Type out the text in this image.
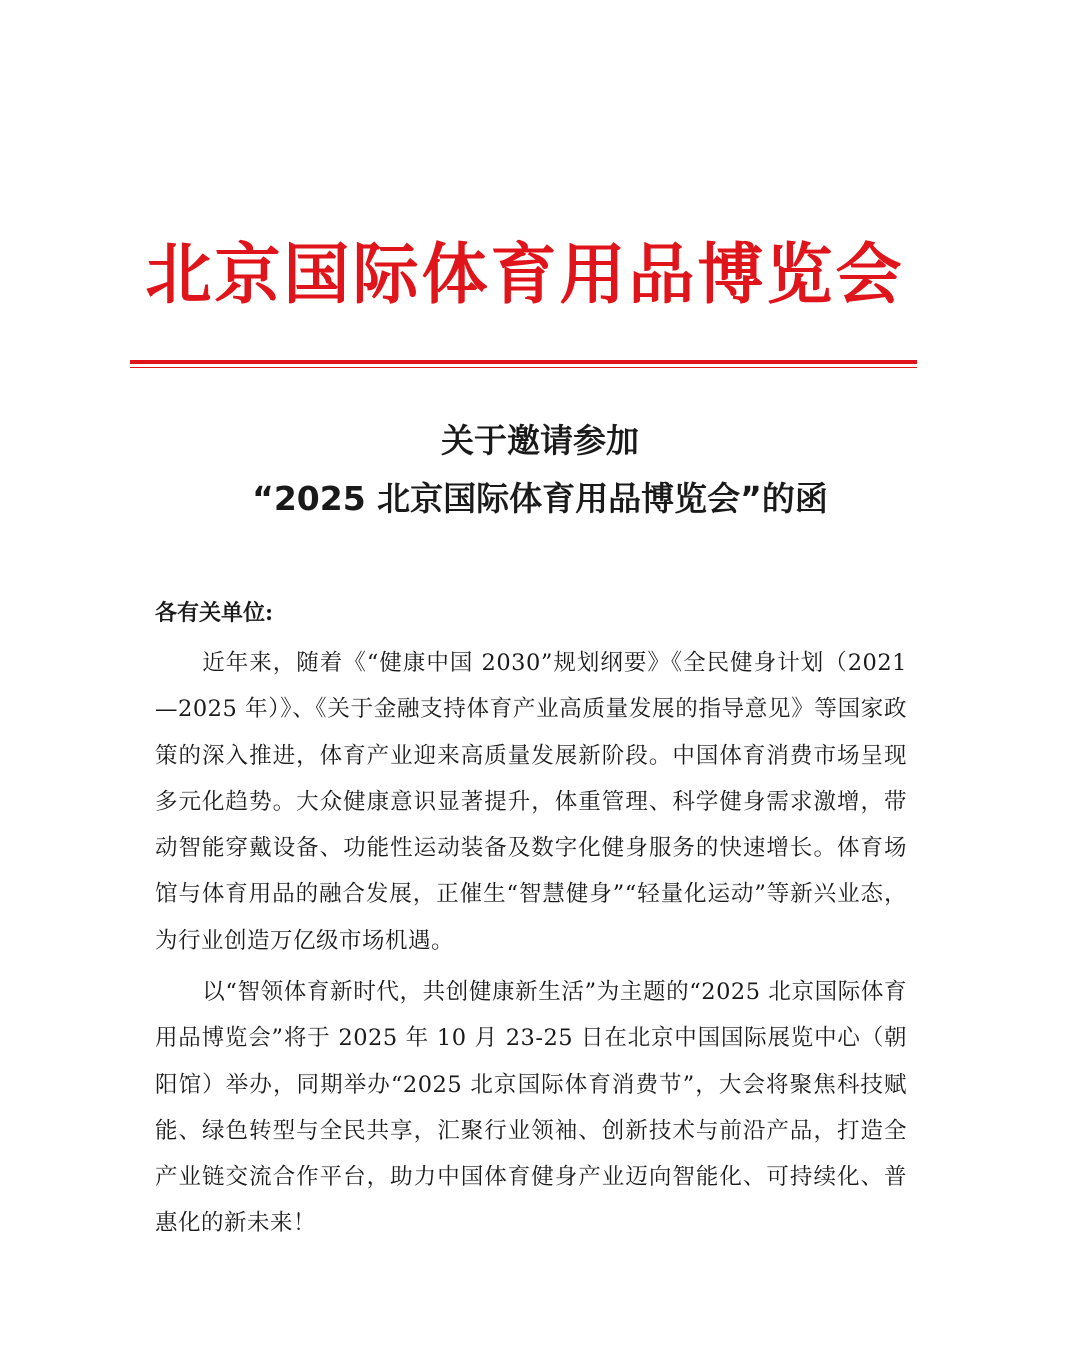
北京国际体育用品博览会
关于邀请参加
“2025 北京国际体育用品博览会”的函
各有关单位:

近年来，随着《“健康中国 2030”规划纲要》《全民健身计划（2021—2025 年）》、《关于金融支持体育产业高质量发展的指导意见》等国家政策的深入推进，体育产业迎来高质量发展新阶段。中国体育消费市场呈现多元化趋势。大众健康意识显著提升，体重管理、科学健身需求激增，带动智能穿戴设备、功能性运动装备及数字化健身服务的快速增长。体育场馆与体育用品的融合发展，正催生“智慧健身”“轻量化运动”等新兴业态，为行业创造万亿级市场机遇。

以“智领体育新时代，共创健康新生活”为主题的“2025 北京国际体育用品博览会”将于 2025 年 10 月 23-25 日在北京中国国际展览中心（朝阳馆）举办，同期举办“2025 北京国际体育消费节”，大会将聚焦科技赋能、绿色转型与全民共享，汇聚行业领袖、创新技术与前沿产品，打造全产业链交流合作平台，助力中国体育健身产业迈向智能化、可持续化、普惠化的新未来！
